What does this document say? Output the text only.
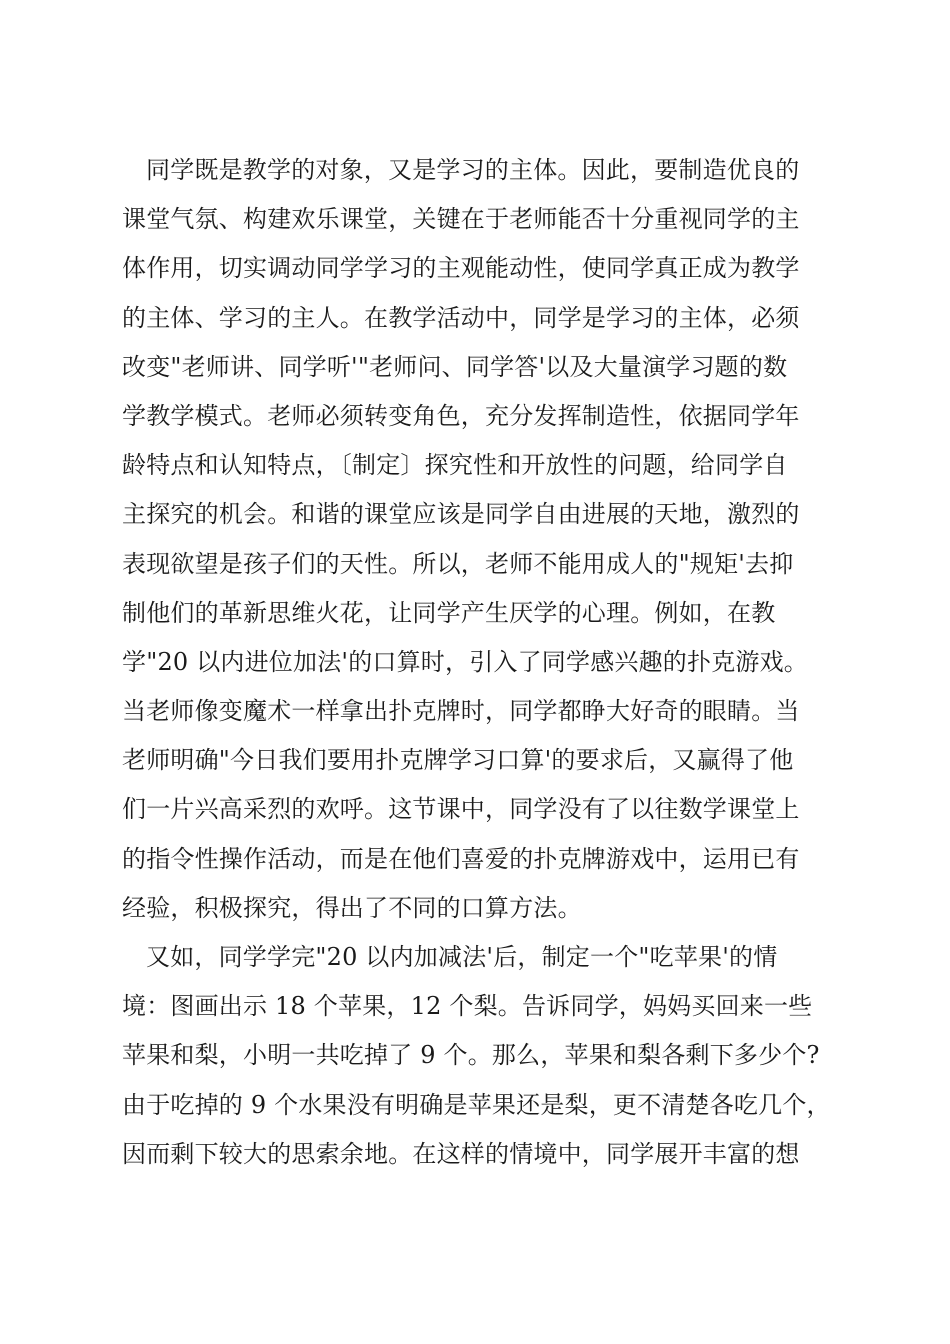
同学既是教学的对象，又是学习的主体。因此，要制造优良的
课堂气氛、构建欢乐课堂，关键在于老师能否十分重视同学的主
体作用，切实调动同学学习的主观能动性，使同学真正成为教学
的主体、学习的主人。在教学活动中，同学是学习的主体，必须
改变"老师讲、同学听'"老师问、同学答'以及大量演学习题的数
学教学模式。老师必须转变角色，充分发挥制造性，依据同学年
龄特点和认知特点，〔制定〕探究性和开放性的问题，给同学自
主探究的机会。和谐的课堂应该是同学自由进展的天地，激烈的
表现欲望是孩子们的天性。所以，老师不能用成人的"规矩'去抑
制他们的革新思维火花，让同学产生厌学的心理。例如，在教
学"20 以内进位加法'的口算时，引入了同学感兴趣的扑克游戏。
当老师像变魔术一样拿出扑克牌时，同学都睁大好奇的眼睛。当
老师明确"今日我们要用扑克牌学习口算'的要求后，又赢得了他
们一片兴高采烈的欢呼。这节课中，同学没有了以往数学课堂上
的指令性操作活动，而是在他们喜爱的扑克牌游戏中，运用已有
经验，积极探究，得出了不同的口算方法。
又如，同学学完"20 以内加减法'后，制定一个"吃苹果'的情
境：图画出示 18 个苹果，12 个梨。告诉同学，妈妈买回来一些
苹果和梨，小明一共吃掉了 9 个。那么，苹果和梨各剩下多少个?
由于吃掉的 9 个水果没有明确是苹果还是梨，更不清楚各吃几个，
因而剩下较大的思索余地。在这样的情境中，同学展开丰富的想
